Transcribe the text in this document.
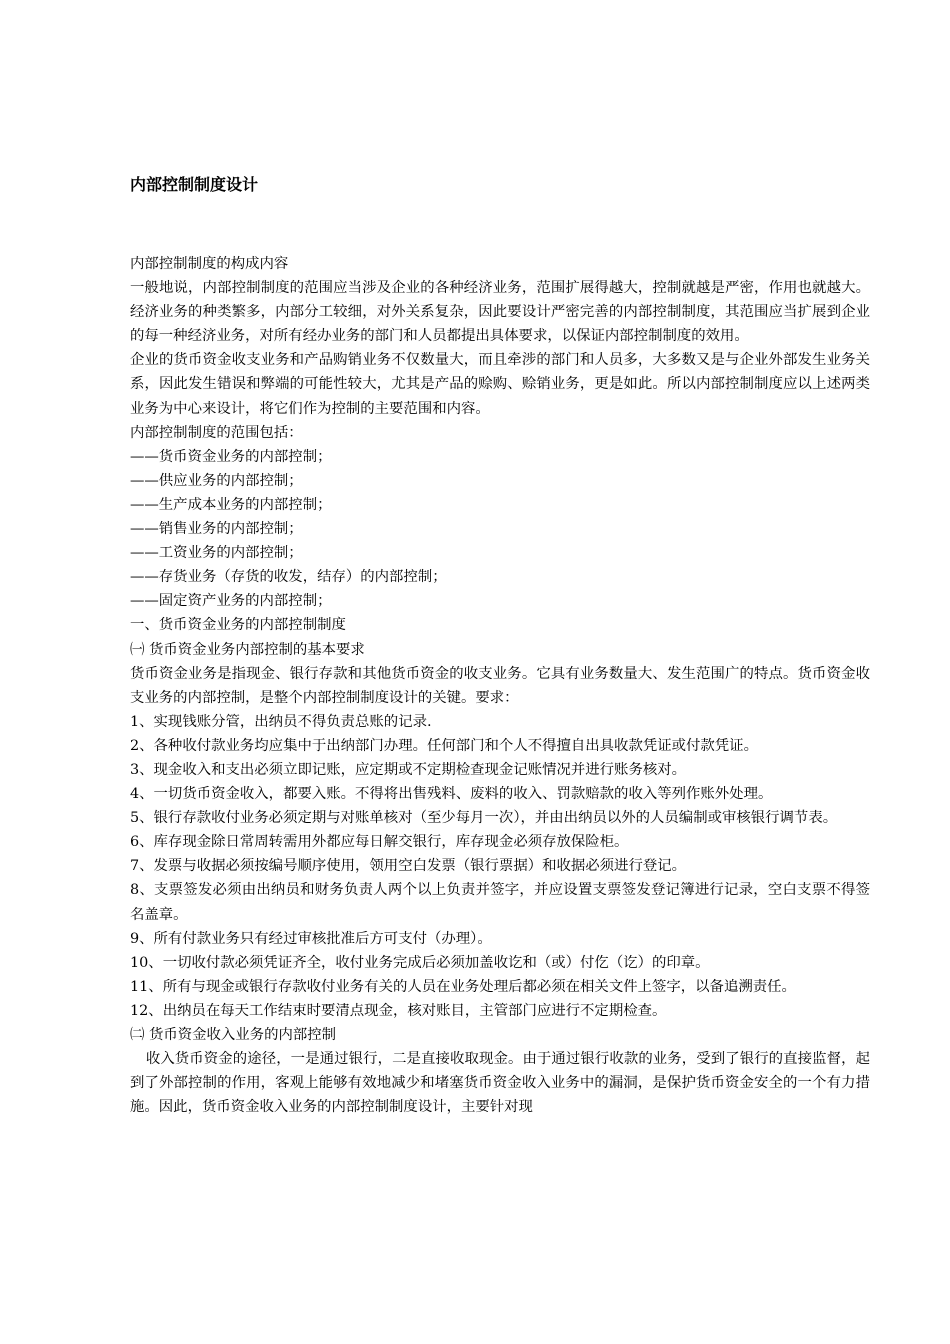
内部控制制度设计

内部控制制度的构成内容

一般地说，内部控制制度的范围应当涉及企业的各种经济业务，范围扩展得越大，控制就越是严密，作用也就越大。经济业务的种类繁多，内部分工较细，对外关系复杂，因此要设计严密完善的内部控制制度，其范围应当扩展到企业的每一种经济业务，对所有经办业务的部门和人员都提出具体要求，以保证内部控制制度的效用。

企业的货币资金收支业务和产品购销业务不仅数量大，而且牵涉的部门和人员多，大多数又是与企业外部发生业务关系，因此发生错误和弊端的可能性较大，尤其是产品的赊购、赊销业务，更是如此。所以内部控制制度应以上述两类业务为中心来设计，将它们作为控制的主要范围和内容。

内部控制制度的范围包括：

——货币资金业务的内部控制；

——供应业务的内部控制；

——生产成本业务的内部控制；

——销售业务的内部控制；

——工资业务的内部控制；

——存货业务（存货的收发，结存）的内部控制；

——固定资产业务的内部控制；

一、货币资金业务的内部控制制度

㈠ 货币资金业务内部控制的基本要求

货币资金业务是指现金、银行存款和其他货币资金的收支业务。它具有业务数量大、发生范围广的特点。货币资金收支业务的内部控制，是整个内部控制制度设计的关键。要求：

1、实现钱账分管，出纳员不得负责总账的记录.

2、各种收付款业务均应集中于出纳部门办理。任何部门和个人不得擅自出具收款凭证或付款凭证。

3、现金收入和支出必须立即记账，应定期或不定期检查现金记账情况并进行账务核对。

4、一切货币资金收入，都要入账。不得将出售残料、废料的收入、罚款赔款的收入等列作账外处理。

5、银行存款收付业务必须定期与对账单核对（至少每月一次），并由出纳员以外的人员编制或审核银行调节表。

6、库存现金除日常周转需用外都应每日解交银行，库存现金必须存放保险柜。

7、发票与收据必须按编号顺序使用，领用空白发票（银行票据）和收据必须进行登记。

8、支票签发必须由出纳员和财务负责人两个以上负责并签字，并应设置支票签发登记簿进行记录，空白支票不得签名盖章。

9、所有付款业务只有经过审核批准后方可支付（办理）。

10、一切收付款必须凭证齐全，收付业务完成后必须加盖收讫和（或）付仡（讫）的印章。

11、所有与现金或银行存款收付业务有关的人员在业务处理后都必须在相关文件上签字，以备追溯责任。

12、出纳员在每天工作结束时要清点现金，核对账目，主管部门应进行不定期检查。

㈡ 货币资金收入业务的内部控制

收入货币资金的途径，一是通过银行，二是直接收取现金。由于通过银行收款的业务，受到了银行的直接监督，起到了外部控制的作用，客观上能够有效地减少和堵塞货币资金收入业务中的漏洞，是保护货币资金安全的一个有力措施。因此，货币资金收入业务的内部控制制度设计，主要针对现
